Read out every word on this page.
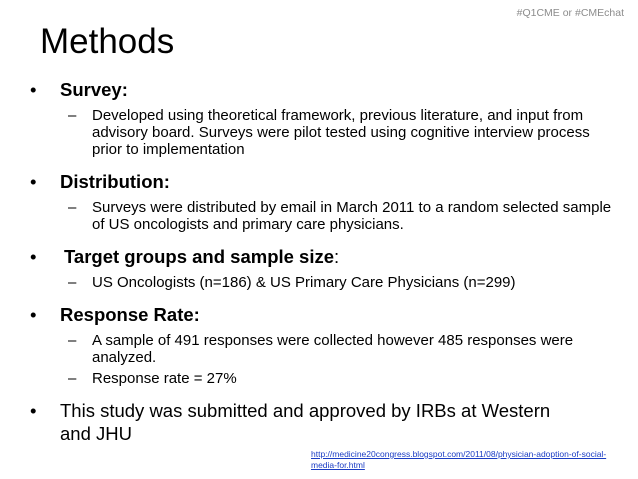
#Q1CME or #CMEchat
Methods
• Survey:
– Developed using theoretical framework, previous literature, and input from advisory board. Surveys were pilot tested using cognitive interview process prior to implementation
• Distribution:
– Surveys were distributed by email in March 2011 to a random selected sample of US oncologists and primary care physicians.
• Target groups and sample size:
– US Oncologists (n=186) & US Primary Care Physicians (n=299)
• Response Rate:
– A sample of 491 responses were collected however 485 responses were analyzed.
– Response rate = 27%
• This study was submitted and approved by IRBs at Western and JHU
http://medicine20congress.blogspot.com/2011/08/physician-adoption-of-social-media-for.html
